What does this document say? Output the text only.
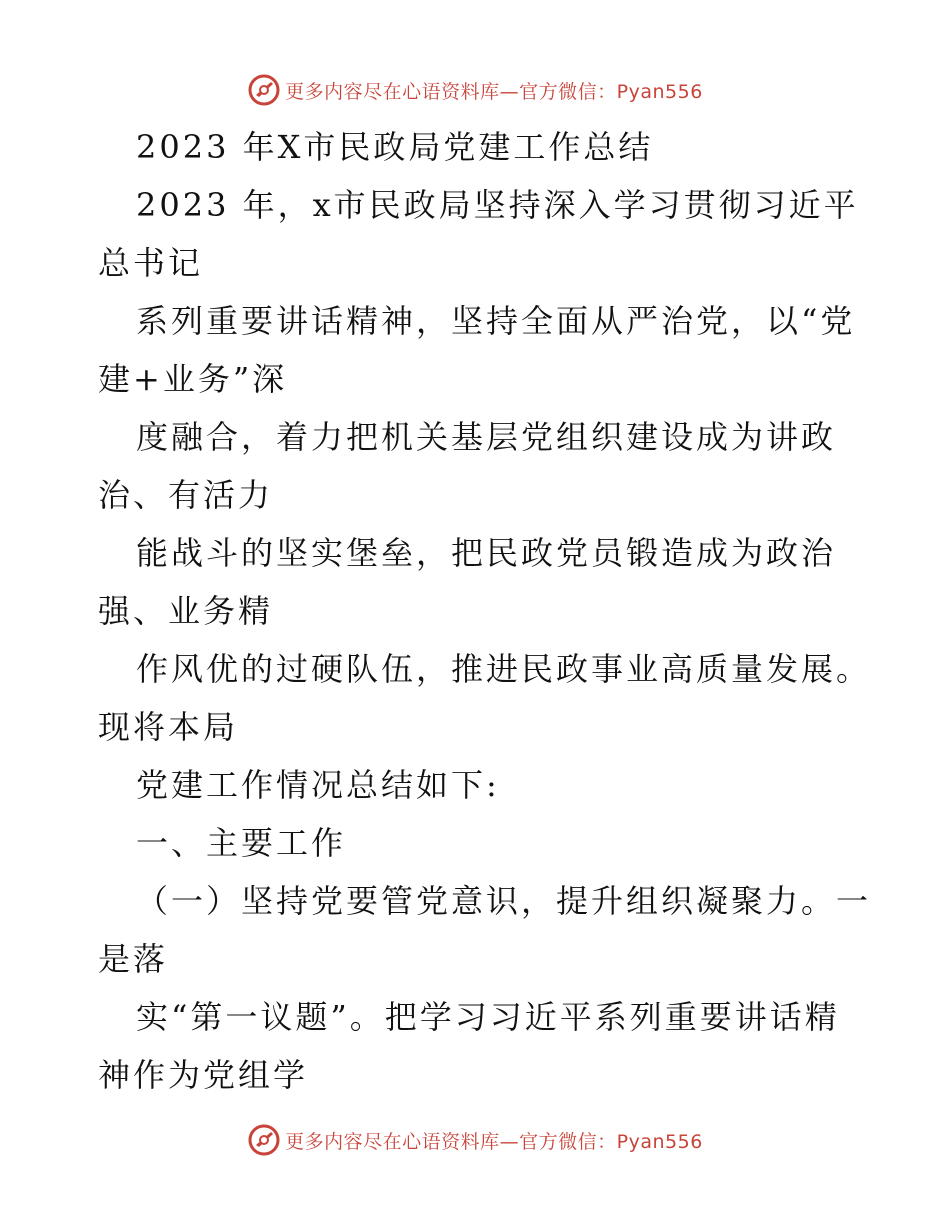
更多内容尽在心语资料库—官方微信：Pyan556
2023 年X市民政局党建工作总结
2023 年，x市民政局坚持深入学习贯彻习近平
总书记
系列重要讲话精神，坚持全面从严治党，以“党
建+业务”深
度融合，着力把机关基层党组织建设成为讲政
治、有活力
能战斗的坚实堡垒，把民政党员锻造成为政治
强、业务精
作风优的过硬队伍，推进民政事业高质量发展。
现将本局
党建工作情况总结如下:
一、主要工作
（一）坚持党要管党意识，提升组织凝聚力。一
是落
实“第一议题”。把学习习近平系列重要讲话精
神作为党组学
更多内容尽在心语资料库—官方微信：Pyan556
